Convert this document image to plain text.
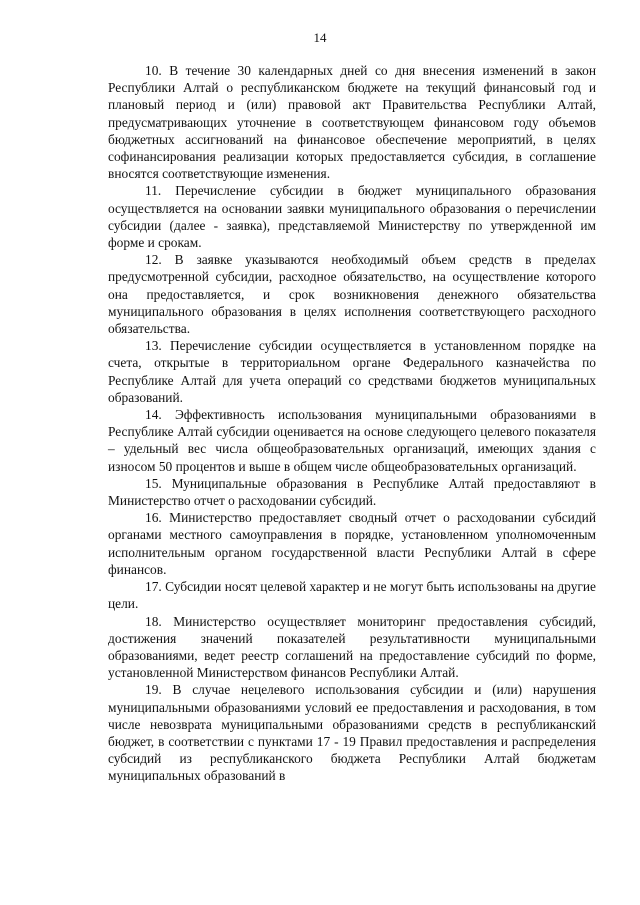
14

10. В течение 30 календарных дней со дня внесения изменений в закон Республики Алтай о республиканском бюджете на текущий финансовый год и плановый период и (или) правовой акт Правительства Республики Алтай, предусматривающих уточнение в соответствующем финансовом году объемов бюджетных ассигнований на финансовое обеспечение мероприятий, в целях софинансирования реализации которых предоставляется субсидия, в соглашение вносятся соответствующие изменения.

11. Перечисление субсидии в бюджет муниципального образования осуществляется на основании заявки муниципального образования о перечислении субсидии (далее - заявка), представляемой Министерству по утвержденной им форме и срокам.

12. В заявке указываются необходимый объем средств в пределах предусмотренной субсидии, расходное обязательство, на осуществление которого она предоставляется, и срок возникновения денежного обязательства муниципального образования в целях исполнения соответствующего расходного обязательства.

13. Перечисление субсидии осуществляется в установленном порядке на счета, открытые в территориальном органе Федерального казначейства по Республике Алтай для учета операций со средствами бюджетов муниципальных образований.

14. Эффективность использования муниципальными образованиями в Республике Алтай субсидии оценивается на основе следующего целевого показателя – удельный вес числа общеобразовательных организаций, имеющих здания с износом 50 процентов и выше в общем числе общеобразовательных организаций.

15. Муниципальные образования в Республике Алтай предоставляют в Министерство отчет о расходовании субсидий.

16. Министерство предоставляет сводный отчет о расходовании субсидий органами местного самоуправления в порядке, установленном уполномоченным исполнительным органом государственной власти Республики Алтай в сфере финансов.

17. Субсидии носят целевой характер и не могут быть использованы на другие цели.

18. Министерство осуществляет мониторинг предоставления субсидий, достижения значений показателей результативности муниципальными образованиями, ведет реестр соглашений на предоставление субсидий по форме, установленной Министерством финансов Республики Алтай.

19. В случае нецелевого использования субсидии и (или) нарушения муниципальными образованиями условий ее предоставления и расходования, в том числе невозврата муниципальными образованиями средств в республиканский бюджет, в соответствии с пунктами 17 - 19 Правил предоставления и распределения субсидий из республиканского бюджета Республики Алтай бюджетам муниципальных образований в
